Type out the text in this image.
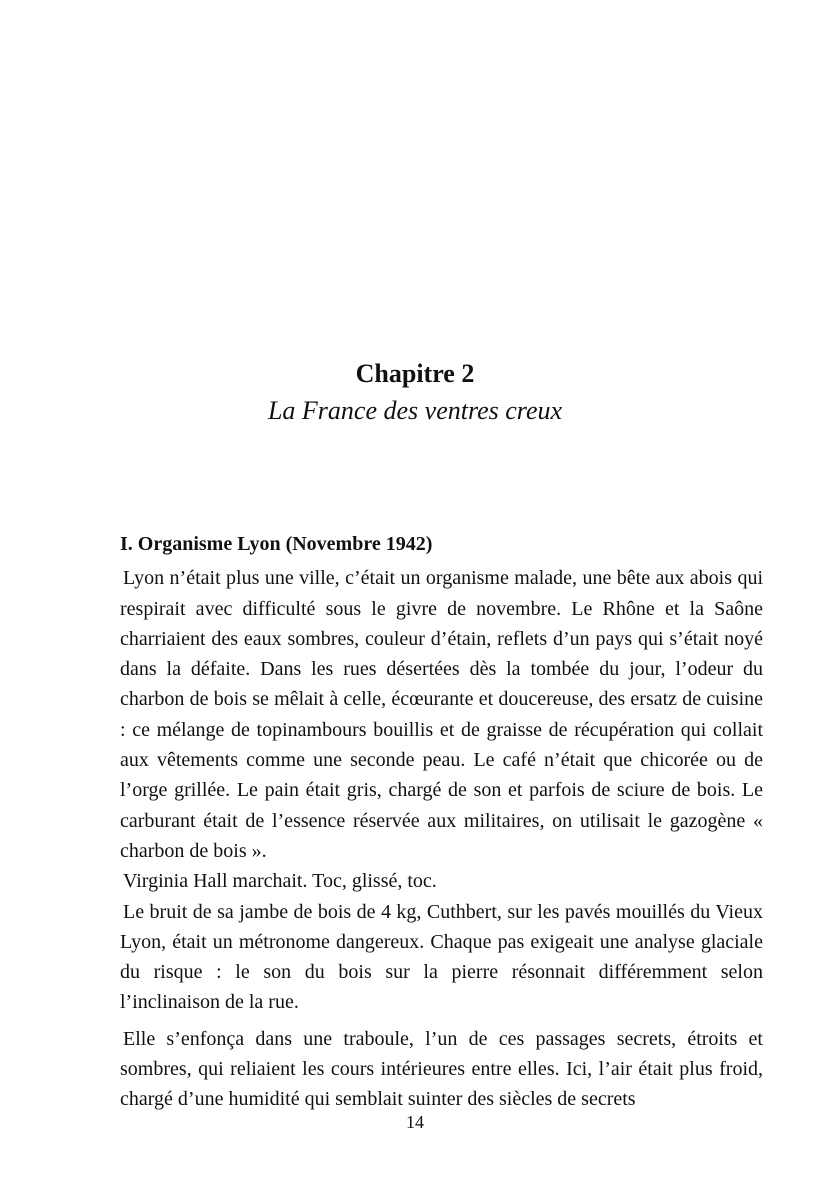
Chapitre 2
La France des ventres creux

I. Organisme Lyon (Novembre 1942)

Lyon n’était plus une ville, c’était un organisme malade, une bête aux abois qui respirait avec difficulté sous le givre de novembre. Le Rhône et la Saône charriaient des eaux sombres, couleur d’étain, reflets d’un pays qui s’était noyé dans la défaite. Dans les rues désertées dès la tombée du jour, l’odeur du charbon de bois se mêlait à celle, écœurante et doucereuse, des ersatz de cuisine : ce mélange de topinambours bouillis et de graisse de récupération qui collait aux vêtements comme une seconde peau. Le café n’était que chicorée ou de l’orge grillée. Le pain était gris, chargé de son et parfois de sciure de bois. Le carburant était de l’essence réservée aux militaires, on utilisait le gazogène « charbon de bois ».

Virginia Hall marchait. Toc, glissé, toc.

Le bruit de sa jambe de bois de 4 kg, Cuthbert, sur les pavés mouillés du Vieux Lyon, était un métronome dangereux. Chaque pas exigeait une analyse glaciale du risque : le son du bois sur la pierre résonnait différemment selon l’inclinaison de la rue.

Elle s’enfonça dans une traboule, l’un de ces passages secrets, étroits et sombres, qui reliaient les cours intérieures entre elles. Ici, l’air était plus froid, chargé d’une humidité qui semblait suinter des siècles de secrets

14
